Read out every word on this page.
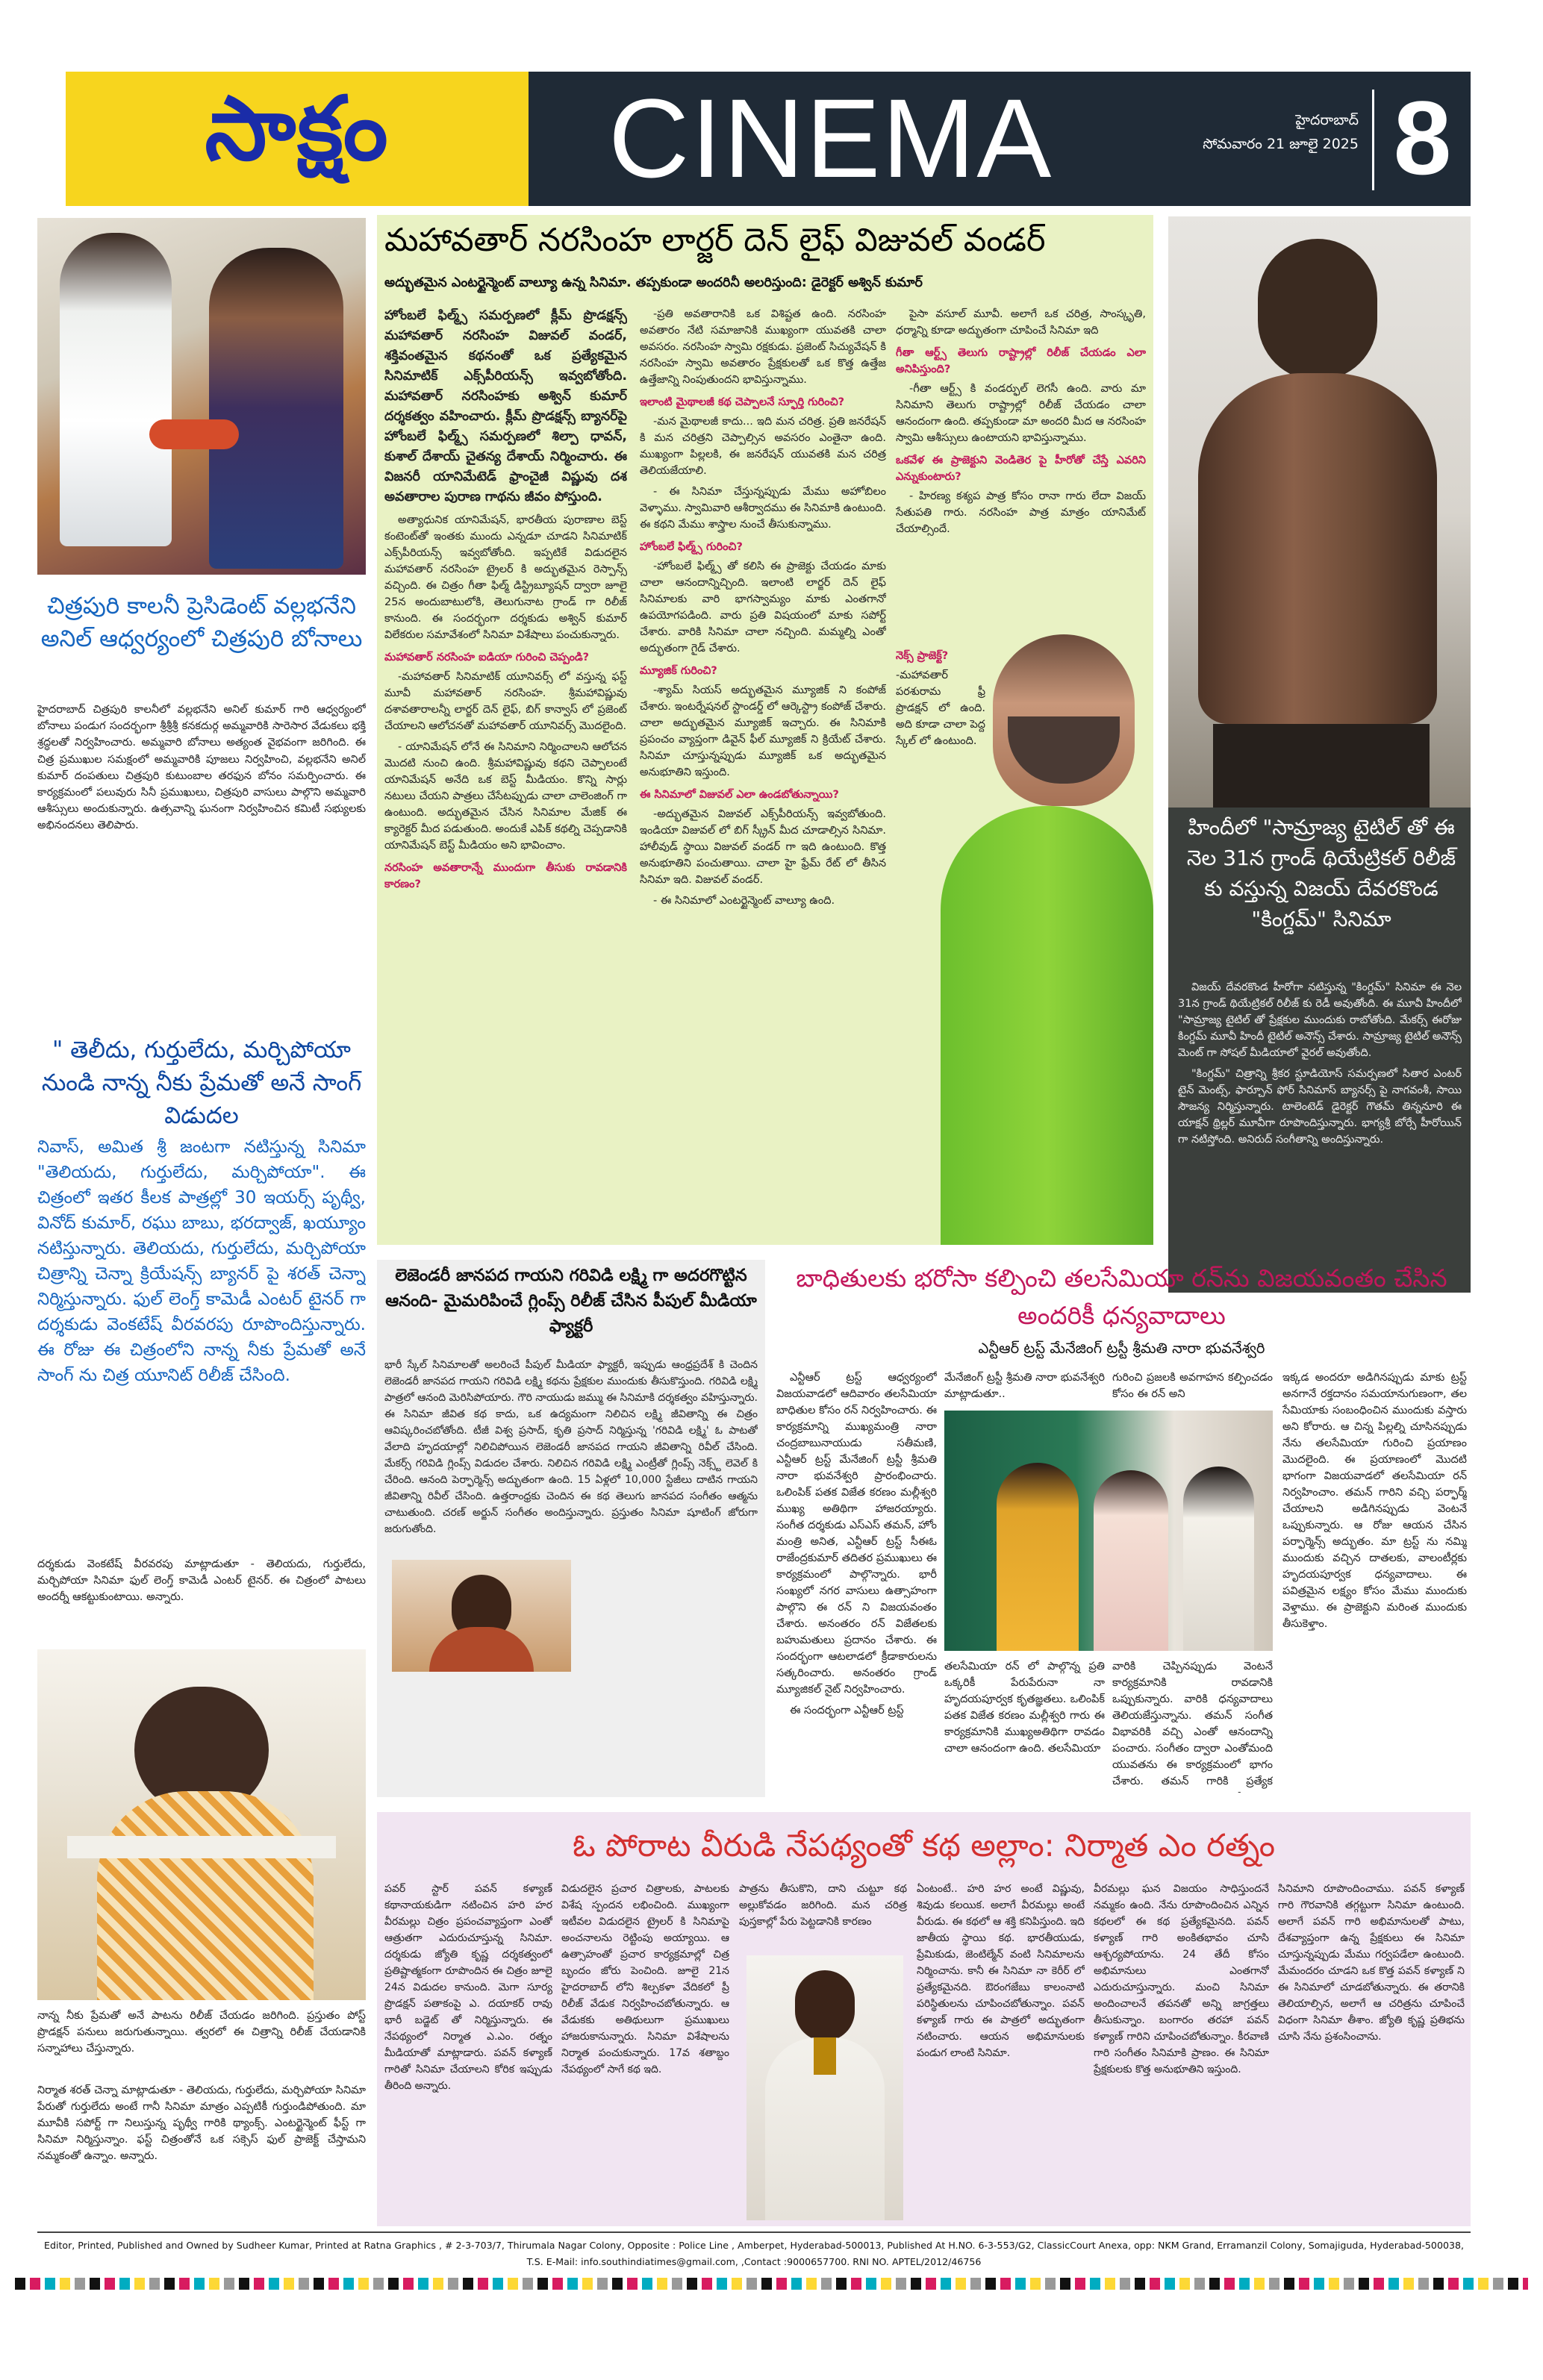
సాక్షం CINEMA	హైదరాబాద్
సోమవారం 21 జూలై 2025 8
చిత్రపురి కాలనీ ప్రెసిడెంట్ వల్లభనేని అనిల్ ఆధ్వర్యంలో చిత్రపురి బోనాలు
హైదరాబాద్ చిత్రపురి కాలనీలో వల్లభనేని అనిల్ కుమార్ గారి ఆధ్వర్యంలో బోనాలు పండుగ సందర్భంగా శ్రీశ్రీశ్రీ కనకదుర్గ అమ్మవారికి సారెసార వేడుకలు భక్తి శ్రద్ధలతో నిర్వహించారు. అమ్మవారి బోనాలు అత్యంత వైభవంగా జరిగింది. ఈ చిత్ర ప్రముఖుల సమక్షంలో అమ్మవారికి పూజలు నిర్వహించి, వల్లభనేని అనిల్ కుమార్ దంపతులు చిత్రపురి కుటుంబాల తరఫున బోనం సమర్పించారు. ఈ కార్యక్రమంలో పలువురు సినీ ప్రముఖులు, చిత్రపురి వాసులు పాల్గొని అమ్మవారి ఆశీస్సులు అందుకున్నారు. ఉత్సవాన్ని ఘనంగా నిర్వహించిన కమిటీ సభ్యులకు అభినందనలు తెలిపారు.
" తెలీదు, గుర్తులేదు, మర్చిపోయా నుండి నాన్న నీకు ప్రేమతో అనే సాంగ్ విడుదల
నివాస్, అమిత శ్రీ జంటగా నటిస్తున్న సినిమా "తెలియదు, గుర్తులేదు, మర్చిపోయా". ఈ చిత్రంలో ఇతర కీలక పాత్రల్లో 30 ఇయర్స్ పృథ్వీ, వినోద్ కుమార్, రఘు బాబు, భరద్వాజ్, ఖయ్యూం నటిస్తున్నారు. తెలియదు, గుర్తులేదు, మర్చిపోయా చిత్రాన్ని చెన్నా క్రియేషన్స్ బ్యానర్ పై శరత్ చెన్నా నిర్మిస్తున్నారు. ఫుల్ లెంగ్త్ కామెడీ ఎంటర్ టైనర్ గా దర్శకుడు వెంకటేష్ వీరవరపు రూపొందిస్తున్నారు. ఈ రోజు ఈ చిత్రంలోని నాన్న నీకు ప్రేమతో అనే సాంగ్ ను చిత్ర యూనిట్ రిలీజ్ చేసింది.
దర్శకుడు వెంకటేష్ వీరవరపు మాట్లాడుతూ - తెలియదు, గుర్తులేదు, మర్చిపోయా సినిమా ఫుల్ లెంగ్త్ కామెడీ ఎంటర్ టైనర్. ఈ చిత్రంలో పాటలు అందర్నీ ఆకట్టుకుంటాయి. అన్నారు.
నాన్న నీకు ప్రేమతో అనే పాటను రిలీజ్ చేయడం జరిగింది. ప్రస్తుతం పోస్ట్ ప్రొడక్షన్ పనులు జరుగుతున్నాయి. త్వరలో ఈ చిత్రాన్ని రిలీజ్ చేయడానికి సన్నాహాలు చేస్తున్నారు.
నిర్మాత శరత్ చెన్నా మాట్లాడుతూ - తెలియదు, గుర్తులేదు, మర్చిపోయా సినిమా పేరుతో గుర్తులేదు అంటే గానీ సినిమా మాత్రం ఎప్పటికీ గుర్తుండిపోతుంది. మా మూవీకి సపోర్ట్ గా నిలుస్తున్న పృథ్వీ గారికి థ్యాంక్స్. ఎంటర్టైన్మెంట్ ఫీస్ట్ గా సినిమా నిర్మిస్తున్నాం. ఫస్ట్ చిత్రంతోనే ఒక సక్సెస్ ఫుల్ ప్రాజెక్ట్ చేస్తామని నమ్మకంతో ఉన్నాం. అన్నారు.
మహావతార్ నరసింహ లార్జర్ దెన్ లైఫ్ విజువల్ వండర్
అద్భుతమైన ఎంటర్టైన్మెంట్ వాల్యూ ఉన్న సినిమా. తప్పకుండా అందరినీ అలరిస్తుంది: డైరెక్టర్ అశ్విన్ కుమార్

హోంబలే ఫిల్మ్స్ సమర్పణలో క్లీమ్ ప్రొడక్షన్స్ మహావతార్ నరసింహ విజువల్ వండర్, శక్తివంతమైన కథనంతో ఒక ప్రత్యేకమైన సినిమాటిక్ ఎక్స్‌పీరియన్స్ ఇవ్వబోతోంది. మహావతార్ నరసింహకు అశ్విన్ కుమార్ దర్శకత్వం వహించారు. క్లీమ్ ప్రొడక్షన్స్ బ్యానర్‌పై హోంబలే ఫిల్మ్స్ సమర్పణలో శిల్పా ధావన్, కుశాల్ దేశాయ్ చైతన్య దేశాయ్ నిర్మించారు. ఈ విజనరీ యానిమేటెడ్ ఫ్రాంచైజీ విష్ణువు దశ అవతారాల పురాణ గాథను జీవం పోస్తుంది.

అత్యాధునిక యానిమేషన్, భారతీయ పురాణాల బెస్ట్ కంటెంట్‌తో ఇంతకు ముందు ఎన్నడూ చూడని సినిమాటిక్ ఎక్స్‌పీరియన్స్ ఇవ్వబోతోంది. ఇప్పటికే విడుదలైన మహావతార్ నరసింహ ట్రైలర్ కి అద్భుతమైన రెస్పాన్స్ వచ్చింది. ఈ చిత్రం గీతా ఫిల్మ్ డిస్ట్రిబ్యూషన్ ద్వారా జూలై 25న అందుబాటులోకి, తెలుగునాట గ్రాండ్ గా రిలీజ్ కానుంది. ఈ సందర్భంగా దర్శకుడు అశ్విన్ కుమార్ విలేకరుల సమావేశంలో సినిమా విశేషాలు పంచుకున్నారు.

మహావతార్ నరసింహ ఐడియా గురించి చెప్పండి?

-మహావతార్ సినిమాటిక్ యూనివర్స్ లో వస్తున్న ఫస్ట్ మూవీ మహావతార్ నరసింహ. శ్రీమహావిష్ణువు దశావతారాలన్నీ లార్జర్ దెన్ లైఫ్, బిగ్ కాన్వాస్ లో ప్రజెంట్ చేయాలని ఆలోచనతో మహావతార్ యూనివర్స్ మొదలైంది.

- యానిమేషన్ లోనే ఈ సినిమాని నిర్మించాలని ఆలోచన మొదటి నుంచి ఉంది. శ్రీమహావిష్ణువు కథని చెప్పాలంటే యానిమేషన్ అనేది ఒక బెస్ట్ మీడియం. కొన్ని సార్లు నటులు చేయని పాత్రలు చేసేటప్పుడు చాలా చాలెంజింగ్ గా ఉంటుంది. అద్భుతమైన చేసిన సినిమాల మేజిక్ ఈ క్యారెక్టర్ మీద పడుతుంది. అందుకే ఎపిక్ కథల్ని చెప్పడానికి యానిమేషన్ బెస్ట్ మీడియం అని భావించాం.

నరసింహ అవతారాన్నే ముందుగా తీసుకు రావడానికి కారణం?

-ప్రతి అవతారానికి ఒక విశిష్టత ఉంది. నరసింహ అవతారం నేటి సమాజానికి ముఖ్యంగా యువతకి చాలా అవసరం. నరసింహ స్వామి రక్షకుడు. ప్రజెంట్ సిచ్యువేషన్ కి నరసింహ స్వామి అవతారం ప్రేక్షకులతో ఒక కొత్త ఉత్తేజ ఉత్తేజాన్ని నింపుతుందని భావిస్తున్నాము.

ఇలాంటి మైథాలజీ కథ చెప్పాలనే స్ఫూర్తి గురించి?

-మన మైథాలజీ కాదు... ఇది మన చరిత్ర. ప్రతి జనరేషన్ కి మన చరిత్రని చెప్పాల్సిన అవసరం ఎంతైనా ఉంది. ముఖ్యంగా పిల్లలకి, ఈ జనరేషన్ యువతకి మన చరిత్ర తెలియజేయాలి.

- ఈ సినిమా చేస్తున్నప్పుడు మేము అహోబిలం వెళ్ళాము. స్వామివారి ఆశీర్వాదము ఈ సినిమాకి ఉంటుంది. ఈ కథని మేము శాస్త్రాల నుంచే తీసుకున్నాము.

హోంబలే ఫిల్మ్స్ గురించి?

-హోంబలే ఫిల్మ్స్ తో కలిసి ఈ ప్రాజెక్టు చేయడం మాకు చాలా ఆనందాన్నిచ్చింది. ఇలాంటి లార్జర్ దెన్ లైఫ్ సినిమాలకు వారి భాగస్వామ్యం మాకు ఎంతగానో ఉపయోగపడింది. వారు ప్రతి విషయంలో మాకు సపోర్ట్ చేశారు. వారికి సినిమా చాలా నచ్చింది. మమ్మల్ని ఎంతో అద్భుతంగా గైడ్ చేశారు.

మ్యూజిక్ గురించి?

-శ్యామ్ సియస్ అద్భుతమైన మ్యూజిక్ ని కంపోజ్ చేశారు. ఇంటర్నేషనల్ స్టాండర్డ్ లో ఆర్కెస్ట్రా కంపోజ్ చేశారు. చాలా అద్భుతమైన మ్యూజిక్ ఇచ్చారు. ఈ సినిమాకి ప్రపంచం వ్యాప్తంగా డివైన్ ఫీల్ మ్యూజిక్ ని క్రియేట్ చేశారు. సినిమా చూస్తున్నప్పుడు మ్యూజిక్ ఒక అద్భుతమైన అనుభూతిని ఇస్తుంది.

ఈ సినిమాలో విజువల్ ఎలా ఉండబోతున్నాయి?

-అద్భుతమైన విజువల్ ఎక్స్‌పీరియన్స్ ఇవ్వబోతుంది. ఇండియా విజువల్ లో బిగ్ స్క్రీన్ మీద చూడాల్సిన సినిమా. హాలీవుడ్ స్థాయి విజువల్ వండర్ గా ఇది ఉంటుంది. కొత్త అనుభూతిని పంచుతాయి. చాలా హై ఫ్రేమ్ రేట్ లో తీసిన సినిమా ఇది. విజువల్ వండర్.

- ఈ సినిమాలో ఎంటర్టైన్మెంట్ వాల్యూ ఉంది.

పైసా వసూల్ మూవీ. అలాగే ఒక చరిత్ర, సాంస్కృతి, ధర్మాన్ని కూడా అద్భుతంగా చూపించే సినిమా ఇది

గీతా ఆర్ట్స్ తెలుగు రాష్ట్రాల్లో రిలీజ్ చేయడం ఎలా అనిపిస్తుంది?

-గీతా ఆర్ట్స్ కి వండర్ఫుల్ లెగసీ ఉంది. వారు మా సినిమాని తెలుగు రాష్ట్రాల్లో రిలీజ్ చేయడం చాలా ఆనందంగా ఉంది. తప్పకుండా మా అందరి మీద ఆ నరసింహ స్వామి ఆశీస్సులు ఉంటాయని భావిస్తున్నాము.

ఒకవేళ ఈ ప్రాజెక్టుని వెండితెర పై హీరోతో చేస్తే ఎవరిని ఎన్నుకుంటారు?

- హిరణ్య కశ్యప పాత్ర కోసం రానా గారు లేదా విజయ్ సేతుపతి గారు. నరసింహ పాత్ర మాత్రం యానిమేట్ చేయాల్సిందే.

నెక్స్ ప్రాజెక్ట్?

-మహావతార్ పరశురామ ఫ్రీ ప్రొడక్షన్ లో ఉంది. అది కూడా చాలా పెద్ద స్కేల్ లో ఉంటుంది.

హిందీలో "సామ్రాజ్య టైటిల్ తో ఈ నెల 31న గ్రాండ్ థియేట్రికల్ రిలీజ్ కు వస్తున్న విజయ్ దేవరకొండ "కింగ్డమ్" సినిమా

విజయ్ దేవరకొండ హీరోగా నటిస్తున్న "కింగ్డమ్" సినిమా ఈ నెల 31న గ్రాండ్ థియేట్రికల్ రిలీజ్ కు రెడీ అవుతోంది. ఈ మూవీ హిందీలో "సామ్రాజ్య టైటిల్ తో ప్రేక్షకుల ముందుకు రాబోతోంది. మేకర్స్ ఈరోజు కింగ్డమ్ మూవీ హిందీ టైటిల్ అనౌన్స్ చేశారు. సామ్రాజ్య టైటిల్ అనౌన్స్ మెంట్ గా సోషల్ మీడియాలో వైరల్ అవుతోంది.

"కింగ్డమ్" చిత్రాన్ని శ్రీకర స్టూడియోస్ సమర్పణలో సితార ఎంటర్ టైన్ మెంట్స్, ఫార్చూన్ ఫోర్ సినిమాస్ బ్యానర్స్ పై నాగవంశీ, సాయి సౌజన్య నిర్మిస్తున్నారు. టాలెంటెడ్ డైరెక్టర్ గౌతమ్ తిన్ననూరి ఈ యాక్షన్ థ్రిల్లర్ మూవీగా రూపొందిస్తున్నారు. భాగ్యశ్రీ బోర్సే హీరోయిన్ గా నటిస్తోంది. అనిరుద్ సంగీతాన్ని అందిస్తున్నారు.

లెజెండరీ జానపద గాయని గరివిడి లక్ష్మి గా అదరగొట్టిన ఆనంది- మైమరిపించే గ్లింప్స్ రిలీజ్ చేసిన పీపుల్ మీడియా ఫ్యాక్టరీ
భారీ స్కేల్ సినిమాలతో అలరించే పీపుల్ మీడియా ఫ్యాక్టరీ, ఇప్పుడు ఆంధ్రప్రదేశ్ కి చెందిన లెజెండరీ జానపద గాయని గరివిడి లక్ష్మి కథను ప్రేక్షకుల ముందుకు తీసుకొస్తుంది. గరివిడి లక్ష్మి పాత్రలో ఆనంది మెరిసిపోయారు. గౌరి నాయుడు జమ్ము ఈ సినిమాకి దర్శకత్వం వహిస్తున్నారు. ఈ సినిమా జీవిత కథ కాదు, ఒక ఉద్యమంగా నిలిచిన లక్ష్మి జీవితాన్ని ఈ చిత్రం ఆవిష్కరించబోతోంది. టీజీ విశ్వ ప్రసాద్, కృతి ప్రసాద్ నిర్మిస్తున్న 'గరివిడి లక్ష్మి' ఓ పాటతో వేలాది హృదయాల్లో నిలిచిపోయిన లెజెండరీ జానపద గాయని జీవితాన్ని రివీల్ చేసింది. మేకర్స్ గరివిడి గ్లింప్స్ విడుదల చేశారు. నిలిచిన గరివిడి లక్ష్మి ఎంట్రీతో గ్లింప్స్ నెక్స్ట్ లెవెల్ కి చేరింది. ఆనంది పెర్ఫార్మెన్స్ అద్భుతంగా ఉంది. 15 ఏళ్లలో 10,000 స్టేజీలు దాటిన గాయని జీవితాన్ని రివీల్ చేసింది. ఉత్తరాంధ్రకు చెందిన ఈ కథ తెలుగు జానపద సంగీతం ఆత్మను చాటుతుంది. చరణ్ అర్జున్ సంగీతం అందిస్తున్నారు. ప్రస్తుతం సినిమా షూటింగ్ జోరుగా జరుగుతోంది.
బాధితులకు భరోసా కల్పించి తలసేమియా రన్‌ను విజయవంతం చేసిన అందరికీ ధన్యవాదాలు
ఎన్టీఆర్ ట్రస్ట్ మేనేజింగ్ ట్రస్టీ శ్రీమతి నారా భువనేశ్వరి

ఎన్టీఆర్ ట్రస్ట్ ఆధ్వర్యంలో విజయవాడలో ఆదివారం తలసేమియా బాధితుల కోసం రన్ నిర్వహించారు. ఈ కార్యక్రమాన్ని ముఖ్యమంత్రి నారా చంద్రబాబునాయుడు సతీమణి, ఎన్టీఆర్ ట్రస్ట్ మేనేజింగ్ ట్రస్టీ శ్రీమతి నారా భువనేశ్వరి ప్రారంభించారు. ఒలింపిక్ పతక విజేత కరణం మల్లీశ్వరి ముఖ్య అతిథిగా హాజరయ్యారు. సంగీత దర్శకుడు ఎస్ఎస్ తమన్, హోం మంత్రి అనిత, ఎన్టీఆర్ ట్రస్ట్ సీఈఓ రాజేంద్రకుమార్ తదితర ప్రముఖులు ఈ కార్యక్రమంలో పాల్గొన్నారు. భారీ సంఖ్యలో నగర వాసులు ఉత్సాహంగా పాల్గొని ఈ రన్ ని విజయవంతం చేశారు. అనంతరం రన్ విజేతలకు బహుమతులు ప్రదానం చేశారు. ఈ సందర్భంగా ఆటలాడలో క్రీడాకారులను సత్కరించారు. అనంతరం గ్రాండ్ మ్యూజికల్ నైట్ నిర్వహించారు.

ఈ సందర్భంగా ఎన్టీఆర్ ట్రస్ట్

మేనేజింగ్ ట్రస్టీ శ్రీమతి నారా భువనేశ్వరి మాట్లాడుతూ..
గురించి ప్రజలకి అవగాహన కల్పించడం కోసం ఈ రన్ అని
తలసేమియా రన్ లో పాల్గొన్న ప్రతి ఒక్కరికీ పేరుపేరునా నా హృదయపూర్వక కృతజ్ఞతలు. ఒలింపిక్ పతక విజేత కరణం మల్లీశ్వరి గారు ఈ కార్యక్రమానికి ముఖ్యఅతిథిగా రావడం చాలా ఆనందంగా ఉంది. తలసేమియా
వారికి చెప్పినప్పుడు వెంటనే కార్యక్రమానికి రావడానికి ఒప్పుకున్నారు. వారికి ధన్యవాదాలు తెలియజేస్తున్నాను. తమన్ సంగీత విభావరికి వచ్చి ఎంతో ఆనందాన్ని పంచారు. సంగీతం ద్వారా ఎంతోమంది యువతను ఈ కార్యక్రమంలో భాగం చేశారు. తమన్ గారికి ప్రత్యేక
ఇక్కడ అందరూ అడిగినప్పుడు మాకు ట్రస్ట్ అనగానే రక్తదానం సమయానుగుణంగా, తల సేమియాకు సంబంధించిన ముందుకు వస్తారు అని కోరారు. ఆ చిన్న పిల్లల్ని చూసినప్పుడు నేను తలసేమియా గురించి ప్రయాణం మొదలైంది. ఈ ప్రయాణంలో మొదటి భాగంగా విజయవాడలో తలసేమియా రన్ నిర్వహించాం. తమన్ గారిని వచ్చి పర్ఫార్మ్ చేయాలని అడిగినప్పుడు వెంటనే ఒప్పుకున్నారు. ఆ రోజు ఆయన చేసిన పర్ఫార్మెన్స్ అద్భుతం. మా ట్రస్ట్ ను నమ్మి ముందుకు వచ్చిన దాతలకు, వాలంటీర్లకు హృదయపూర్వక ధన్యవాదాలు. ఈ పవిత్రమైన లక్ష్యం కోసం మేము ముందుకు వెళ్తాము. ఈ ప్రాజెక్టుని మరింత ముందుకు తీసుకెళ్తాం.
ఓ పోరాట వీరుడి నేపథ్యంతో కథ అల్లాం: నిర్మాత ఎం రత్నం
పవర్ స్టార్ పవన్ కళ్యాణ్ కథానాయకుడిగా నటించిన హరి హర వీరమల్లు చిత్రం ప్రపంచవ్యాప్తంగా ఎంతో ఆత్రుతగా ఎదురుచూస్తున్న సినిమా. దర్శకుడు జ్యోతి కృష్ణ దర్శకత్వంలో ప్రతిష్టాత్మకంగా రూపొందిన ఈ చిత్రం జూలై 24న విడుదల కానుంది. మెగా సూర్య ప్రొడక్షన్ పతాకంపై ఎ. దయాకర్ రావు భారీ బడ్జెట్ తో నిర్మిస్తున్నారు. ఈ నేపథ్యంలో నిర్మాత ఎ.ఎం. రత్నం మీడియాతో మాట్లాడారు. పవన్ కళ్యాణ్ గారితో సినిమా చేయాలని కోరిక ఇప్పుడు తీరింది అన్నారు.
విడుదలైన ప్రచార చిత్రాలకు, పాటలకు విశేష స్పందన లభించింది. ముఖ్యంగా ఇటీవల విడుదలైన ట్రైలర్ కి సినిమాపై అంచనాలను రెట్టింపు అయ్యాయి. ఆ ఉత్సాహంతో ప్రచార కార్యక్రమాల్లో చిత్ర బృందం జోరు పెంచింది. జూలై 21న హైదరాబాద్ లోని శిల్పకళా వేదికలో ప్రీ రిలీజ్ వేడుక నిర్వహించబోతున్నారు. ఆ వేడుకకు అతిథులుగా ప్రముఖులు హాజరుకానున్నారు. సినిమా విశేషాలను నిర్మాత పంచుకున్నారు. 17వ శతాబ్దం నేపథ్యంలో సాగే కథ ఇది.
పాత్రను తీసుకొని, దాని చుట్టూ కథ అల్లుకోవడం జరిగింది. మన చరిత్ర పుస్తకాల్లో పేరు పెట్టడానికి కారణం
ఏంటంటే.. హరి హర అంటే విష్ణువు, శివుడు కలయిక. అలాగే వీరమల్లు అంటే వీరుడు. ఈ కథలో ఆ శక్తి కనిపిస్తుంది. ఇది జాతీయ స్థాయి కథ. భారతీయుడు, ప్రేమికుడు, జెంటిల్మేన్ వంటి సినిమాలను నిర్మించాను. కానీ ఈ సినిమా నా కెరీర్ లో ప్రత్యేకమైనది. ఔరంగజేబు కాలంనాటి పరిస్థితులను చూపించబోతున్నాం. పవన్ కళ్యాణ్ గారు ఈ పాత్రలో అద్భుతంగా నటించారు. ఆయన అభిమానులకు పండుగ లాంటి సినిమా.
వీరమల్లు ఘన విజయం సాధిస్తుందనే నమ్మకం ఉంది. నేను రూపొందించిన ఎన్నిన కథలలో ఈ కథ ప్రత్యేకమైనది. పవన్ కళ్యాణ్ గారి అంకితభావం చూసి ఆశ్చర్యపోయాను. 24 తేదీ కోసం అభిమానులు ఎంతగానో ఎదురుచూస్తున్నారు. మంచి సినిమా అందించాలనే తపనతో అన్ని జాగ్రత్తలు తీసుకున్నాం. బంగారం తరహా పవన్ కళ్యాణ్ గారిని చూపించబోతున్నాం. కీరవాణి గారి సంగీతం సినిమాకి ప్రాణం. ఈ సినిమా ప్రేక్షకులకు కొత్త అనుభూతిని ఇస్తుంది.
సినిమాని రూపొందించాము. పవన్ కళ్యాణ్ గారి గౌరవానికి తగ్గట్టుగా సినిమా ఉంటుంది. అలాగే పవన్ గారి అభిమానులతో పాటు, దేశవ్యాప్తంగా ఉన్న ప్రేక్షకులు ఈ సినిమా చూస్తున్నప్పుడు మేము గర్వపడేలా ఉంటుంది. మేమందరం చూడని ఒక కొత్త పవన్ కళ్యాణ్ ని ఈ సినిమాలో చూడబోతున్నారు. ఈ తరానికి తెలియాల్సిన, అలాగే ఆ చరిత్రను చూపించే విధంగా సినిమా తీశాం. జ్యోతి కృష్ణ ప్రతిభను చూసి నేను ప్రశంసించాను.
Editor, Printed, Published and Owned by Sudheer Kumar, Printed at Ratna Graphics , # 2-3-703/7, Thirumala Nagar Colony, Opposite : Police Line , Amberpet, Hyderabad-500013, Published At H.NO. 6-3-553/G2, ClassicCourt Anexa, opp: NKM Grand, Erramanzil Colony, Somajiguda, Hyderabad-500038,
T.S. E-Mail: info.southindiatimes@gmail.com, ,Contact :9000657700. RNI NO. APTEL/2012/46756
